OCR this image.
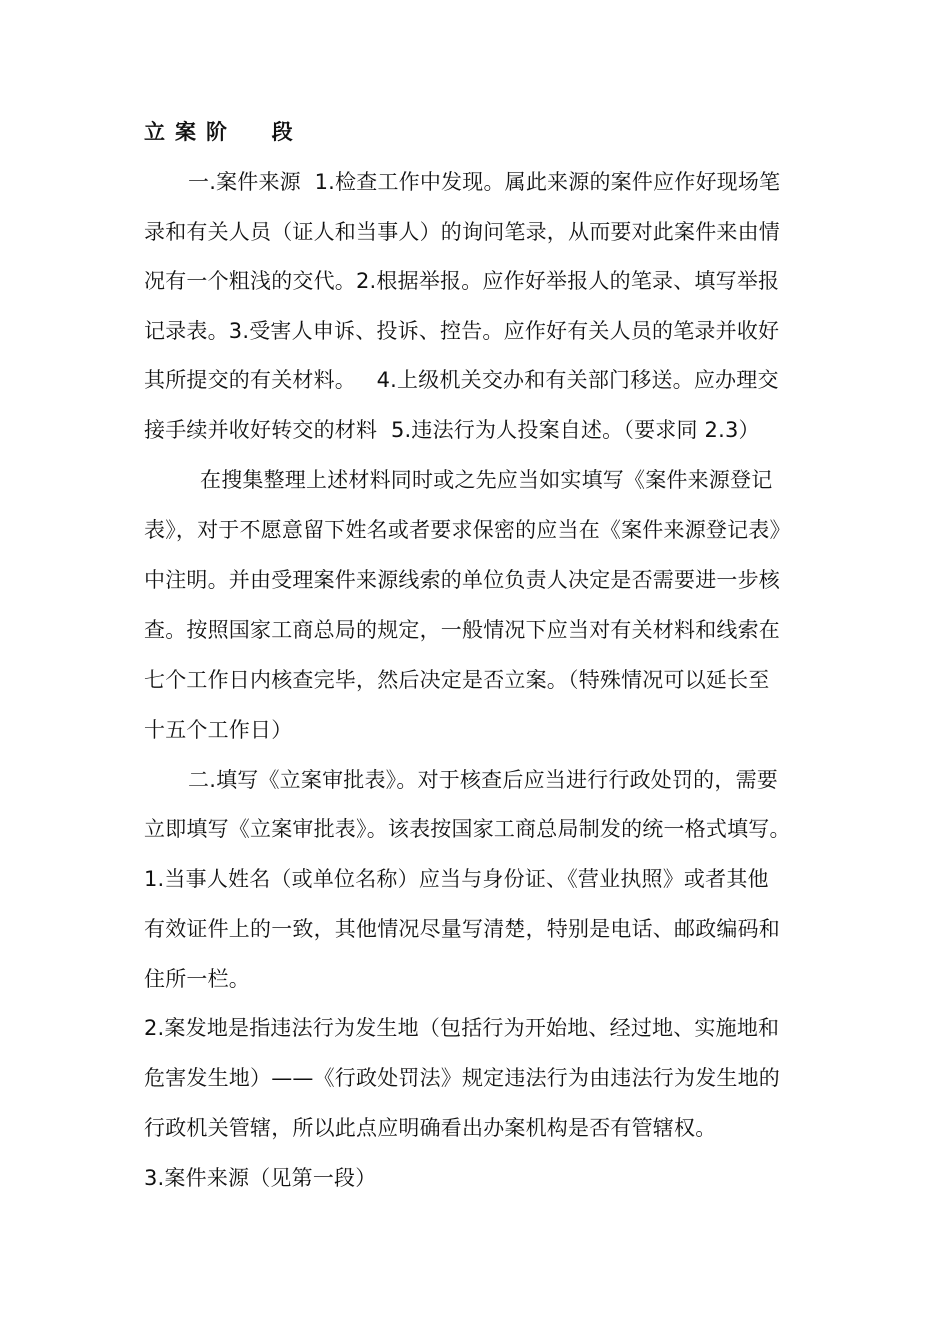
立案阶  段
一.案件来源  1.检查工作中发现。属此来源的案件应作好现场笔
录和有关人员（证人和当事人）的询问笔录，从而要对此案件来由情
况有一个粗浅的交代。2.根据举报。应作好举报人的笔录、填写举报
记录表。3.受害人申诉、投诉、控告。应作好有关人员的笔录并收好
其所提交的有关材料。   4.上级机关交办和有关部门移送。应办理交
接手续并收好转交的材料  5.违法行为人投案自述。（要求同 2.3）
在搜集整理上述材料同时或之先应当如实填写《案件来源登记
表》，对于不愿意留下姓名或者要求保密的应当在《案件来源登记表》
中注明。并由受理案件来源线索的单位负责人决定是否需要进一步核
查。按照国家工商总局的规定，一般情况下应当对有关材料和线索在
七个工作日内核查完毕，然后决定是否立案。（特殊情况可以延长至
十五个工作日）
二.填写《立案审批表》。对于核查后应当进行行政处罚的，需要
立即填写《立案审批表》。该表按国家工商总局制发的统一格式填写。
1.当事人姓名（或单位名称）应当与身份证、《营业执照》或者其他
有效证件上的一致，其他情况尽量写清楚，特别是电话、邮政编码和
住所一栏。
2.案发地是指违法行为发生地（包括行为开始地、经过地、实施地和
危害发生地）——《行政处罚法》规定违法行为由违法行为发生地的
行政机关管辖，所以此点应明确看出办案机构是否有管辖权。
3.案件来源（见第一段）
